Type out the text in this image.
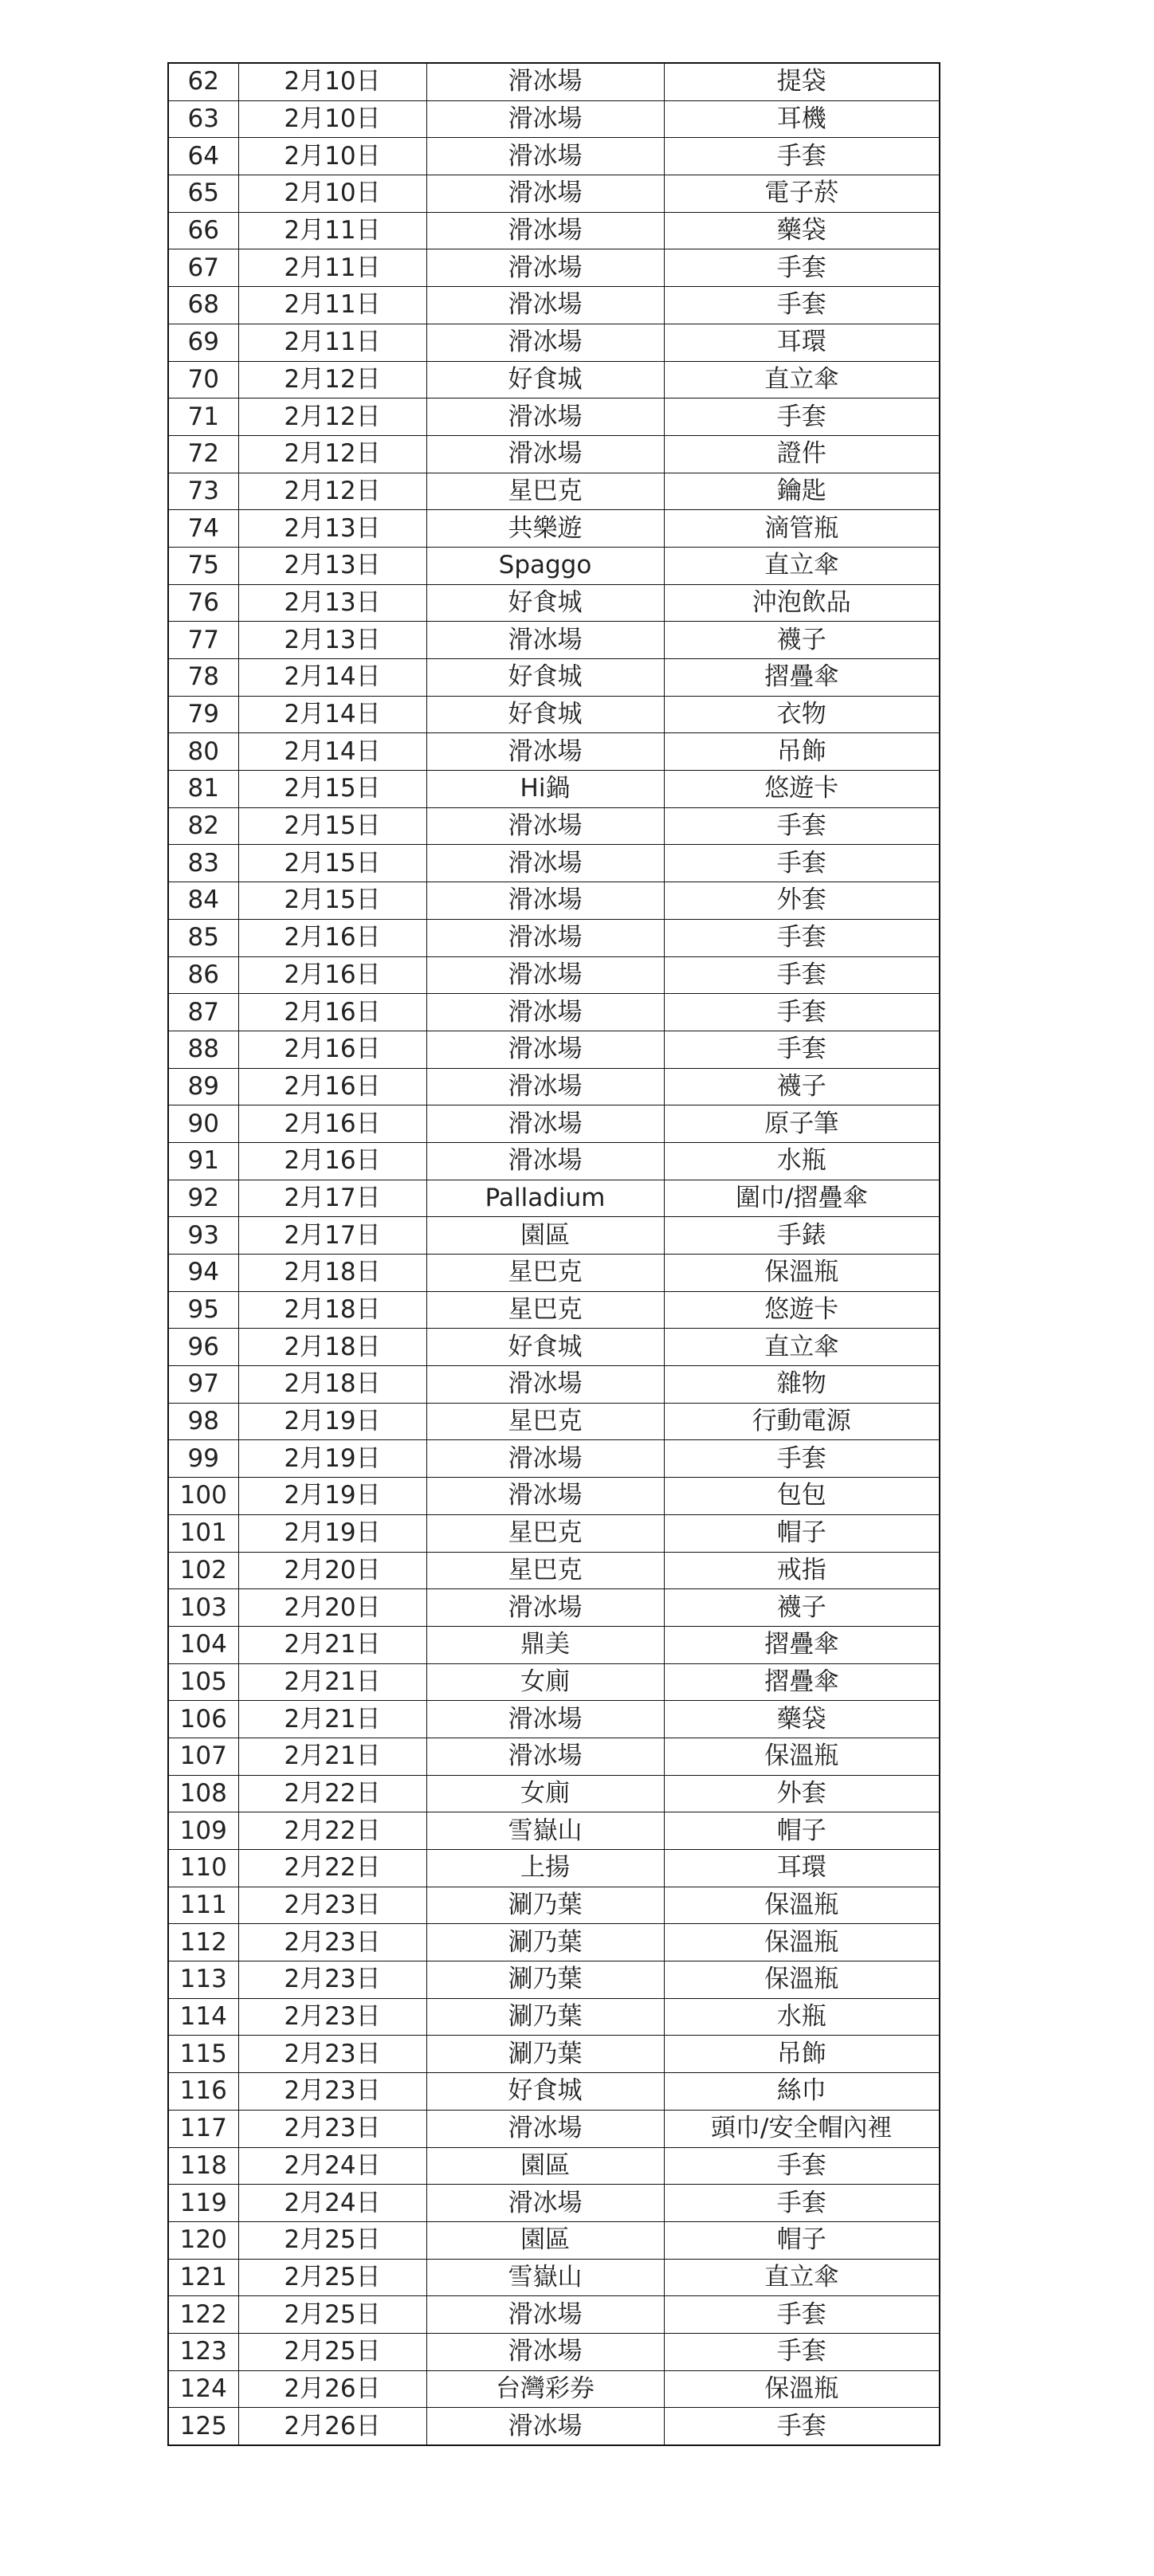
62	2月10日	滑冰場	提袋
63	2月10日	滑冰場	耳機
64	2月10日	滑冰場	手套
65	2月10日	滑冰場	電子菸
66	2月11日	滑冰場	藥袋
67	2月11日	滑冰場	手套
68	2月11日	滑冰場	手套
69	2月11日	滑冰場	耳環
70	2月12日	好食城	直立傘
71	2月12日	滑冰場	手套
72	2月12日	滑冰場	證件
73	2月12日	星巴克	鑰匙
74	2月13日	共樂遊	滴管瓶
75	2月13日	Spaggo	直立傘
76	2月13日	好食城	沖泡飲品
77	2月13日	滑冰場	襪子
78	2月14日	好食城	摺疊傘
79	2月14日	好食城	衣物
80	2月14日	滑冰場	吊飾
81	2月15日	Hi鍋	悠遊卡
82	2月15日	滑冰場	手套
83	2月15日	滑冰場	手套
84	2月15日	滑冰場	外套
85	2月16日	滑冰場	手套
86	2月16日	滑冰場	手套
87	2月16日	滑冰場	手套
88	2月16日	滑冰場	手套
89	2月16日	滑冰場	襪子
90	2月16日	滑冰場	原子筆
91	2月16日	滑冰場	水瓶
92	2月17日	Palladium	圍巾/摺疊傘
93	2月17日	園區	手錶
94	2月18日	星巴克	保溫瓶
95	2月18日	星巴克	悠遊卡
96	2月18日	好食城	直立傘
97	2月18日	滑冰場	雜物
98	2月19日	星巴克	行動電源
99	2月19日	滑冰場	手套
100	2月19日	滑冰場	包包
101	2月19日	星巴克	帽子
102	2月20日	星巴克	戒指
103	2月20日	滑冰場	襪子
104	2月21日	鼎美	摺疊傘
105	2月21日	女廁	摺疊傘
106	2月21日	滑冰場	藥袋
107	2月21日	滑冰場	保溫瓶
108	2月22日	女廁	外套
109	2月22日	雪嶽山	帽子
110	2月22日	上揚	耳環
111	2月23日	涮乃葉	保溫瓶
112	2月23日	涮乃葉	保溫瓶
113	2月23日	涮乃葉	保溫瓶
114	2月23日	涮乃葉	水瓶
115	2月23日	涮乃葉	吊飾
116	2月23日	好食城	絲巾
117	2月23日	滑冰場	頭巾/安全帽內裡
118	2月24日	園區	手套
119	2月24日	滑冰場	手套
120	2月25日	園區	帽子
121	2月25日	雪嶽山	直立傘
122	2月25日	滑冰場	手套
123	2月25日	滑冰場	手套
124	2月26日	台灣彩券	保溫瓶
125	2月26日	滑冰場	手套
